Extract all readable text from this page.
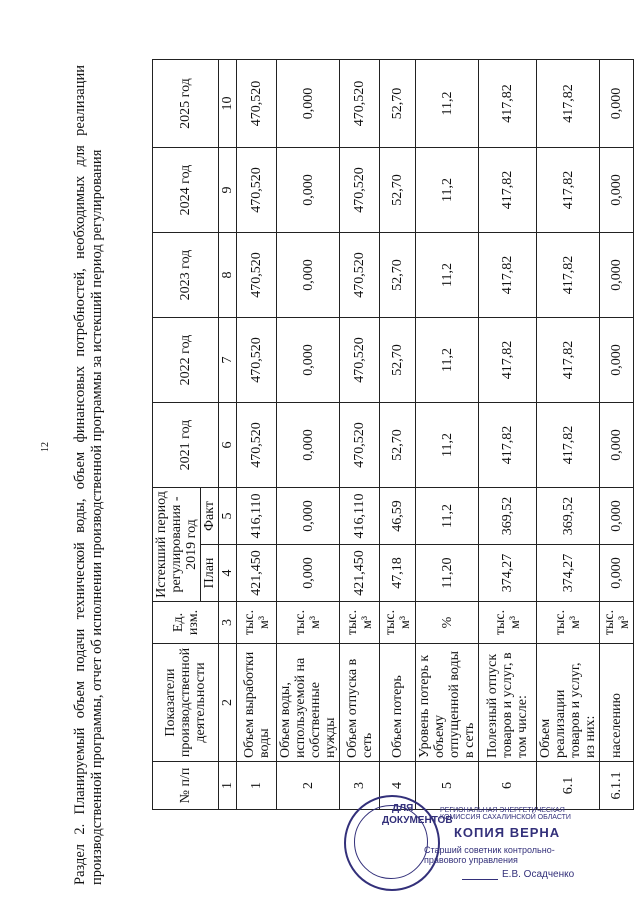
12 Раздел 2. Планируемый объем подачи технической воды, объем финансовых потребностей, необходимых для реализации производственной программы, отчет об исполнении производственной программы за истекший период регулирования	№ п/п	Показатели производственной деятельности	Ед. изм.	Истекший период регулирования - 2019 год		2021 год	2022 год	2023 год	2024 год	2025 год
			План	Факт					
1	2	3	4	5	6	7	8	9	10
1	Объем выработки воды	тыс. м³	421,450	416,110	470,520	470,520	470,520	470,520	470,520
2	Объем воды, используемой на собственные нужды	тыс. м³	0,000	0,000	0,000	0,000	0,000	0,000	0,000
3	Объем отпуска в сеть	тыс. м³	421,450	416,110	470,520	470,520	470,520	470,520	470,520
4	Объем потерь	тыс. м³	47,18	46,59	52,70	52,70	52,70	52,70	52,70
5	Уровень потерь к объему отпущенной воды в сеть	%	11,20	11,2	11,2	11,2	11,2	11,2	11,2
6	Полезный отпуск товаров и услуг, в том числе:	тыс. м³	374,27	369,52	417,82	417,82	417,82	417,82	417,82
6.1	Объем реализации товаров и услуг, из них:	тыс. м³	374,27	369,52	417,82	417,82	417,82	417,82	417,82
6.1.1	населению	тыс. м³	0,000	0,000	0,000	0,000	0,000	0,000	0,000
ДЛЯ
ДОКУМЕНТОВ
РЕГИОНАЛЬНАЯ ЭНЕРГЕТИЧЕСКАЯ КОМИССИЯ САХАЛИНСКОЙ ОБЛАСТИ
КОПИЯ ВЕРНА
Старший советник контрольно-правового управления
Е.В. Осадченко
